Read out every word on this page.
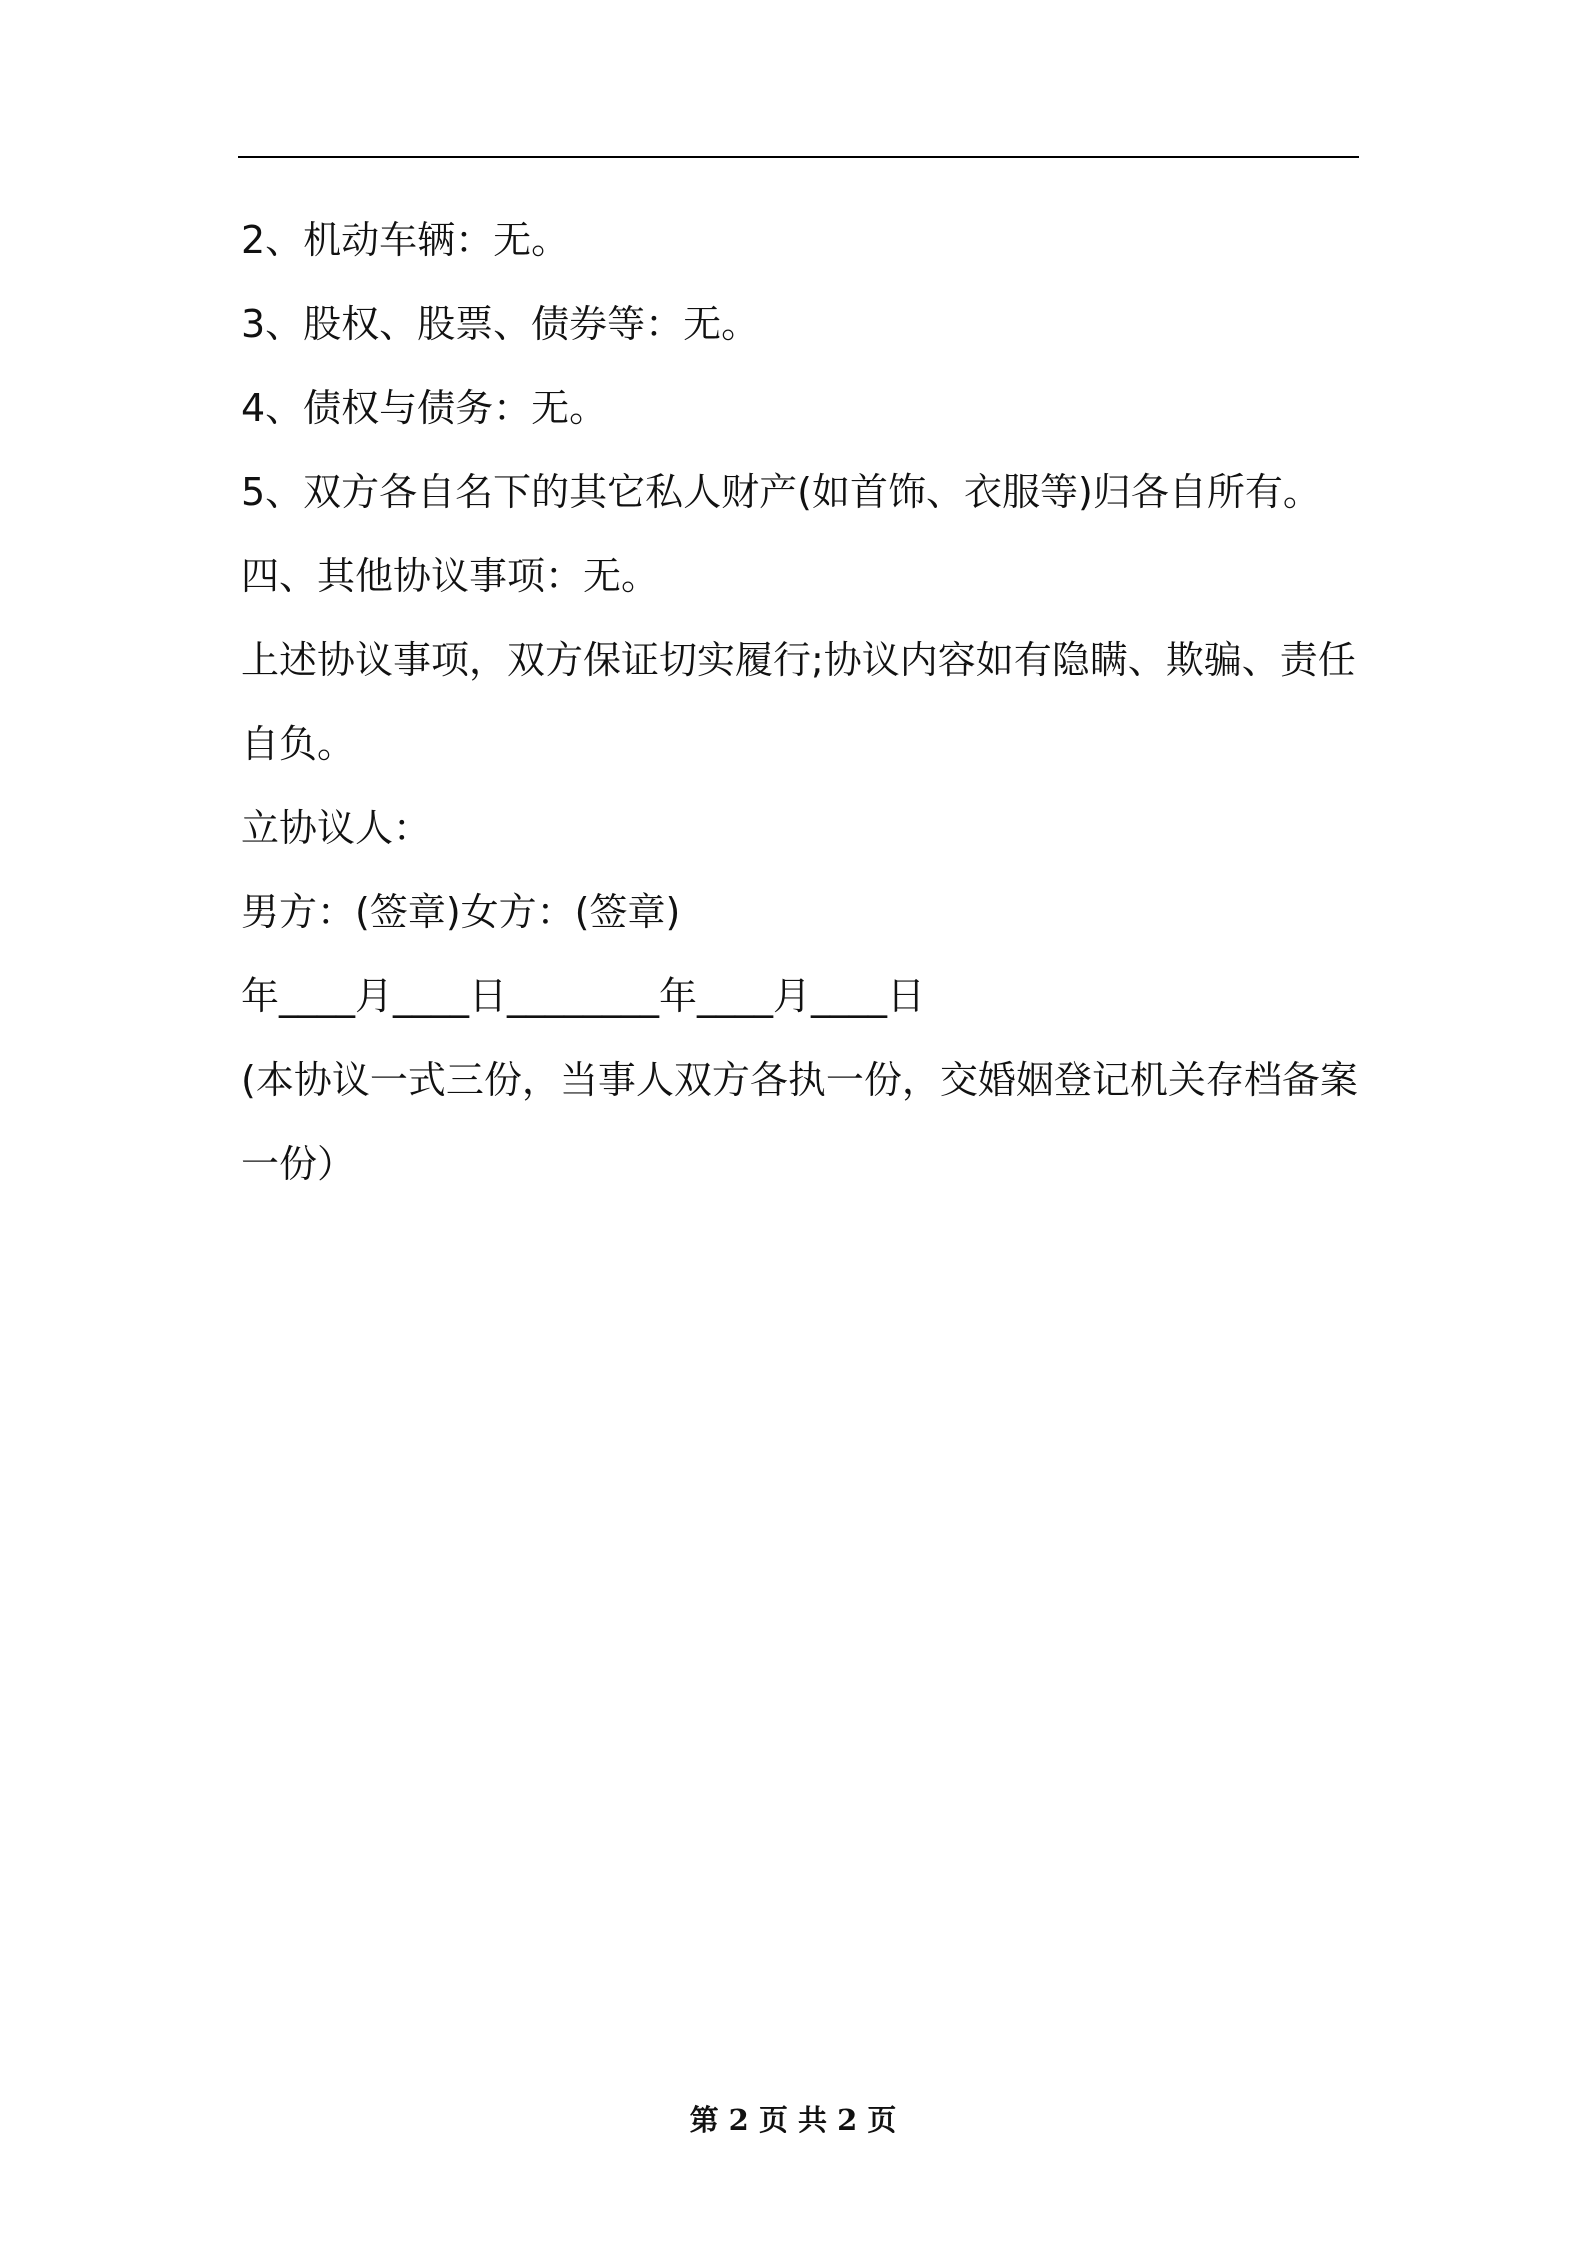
2、机动车辆：无。
3、股权、股票、债券等：无。
4、债权与债务：无。
5、双方各自名下的其它私人财产(如首饰、衣服等)归各自所有。
四、其他协议事项：无。
上述协议事项，双方保证切实履行;协议内容如有隐瞒、欺骗、责任
自负。
立协议人：
男方：(签章)女方：(签章)
年____月____日________年____月____日
(本协议一式三份，当事人双方各执一份，交婚姻登记机关存档备案
一份）
第 2 页 共 2 页
